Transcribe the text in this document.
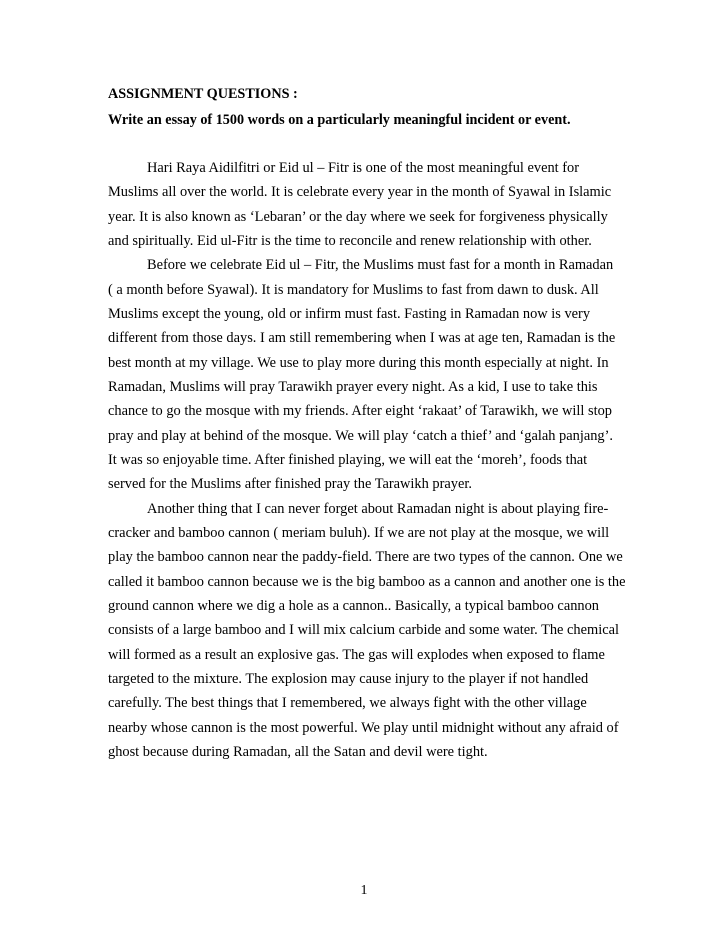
ASSIGNMENT QUESTIONS :
Write an essay of 1500 words on a particularly meaningful incident or event.
Hari Raya Aidilfitri or Eid ul – Fitr is one of the most meaningful event for
Muslims all over the world. It is celebrate every year in the month of Syawal in Islamic
year. It is also known as ‘Lebaran’ or the day where we seek for forgiveness physically
and spiritually. Eid ul-Fitr is the time to reconcile and renew relationship with other.
Before we celebrate Eid ul – Fitr, the Muslims must fast for a month in Ramadan
( a month before Syawal). It is mandatory for Muslims to fast from dawn to dusk. All
Muslims except the young, old or infirm must fast. Fasting in Ramadan now is very
different from those days. I am still remembering when I was at age ten, Ramadan is the
best month at my village. We use to play more during this month especially at night. In
Ramadan, Muslims will pray Tarawikh prayer every night. As a kid, I use to take this
chance to go the mosque with my friends. After eight ‘rakaat’ of Tarawikh, we will stop
pray and play at behind of the mosque. We will play ‘catch a thief’ and ‘galah panjang’.
It was so enjoyable time. After finished playing, we will eat the ‘moreh’, foods that
served for the Muslims after finished pray the Tarawikh prayer.
Another thing that I can never forget about Ramadan night is about playing fire-
cracker and bamboo cannon ( meriam buluh). If we are not play at the mosque, we will
play the bamboo cannon near the paddy-field. There are two types of the cannon. One we
called it bamboo cannon because we is the big bamboo as a cannon and another one is the
ground cannon where we dig a hole as a cannon.. Basically, a typical bamboo cannon
consists of a large bamboo and I will mix calcium carbide and some water. The chemical
will formed as a result an explosive gas. The gas will explodes when exposed to flame
targeted to the mixture. The explosion may cause injury to the player if not handled
carefully. The best things that I remembered, we always fight with the other village
nearby whose cannon is the most powerful. We play until midnight without any afraid of
ghost because during Ramadan, all the Satan and devil were tight.
1
